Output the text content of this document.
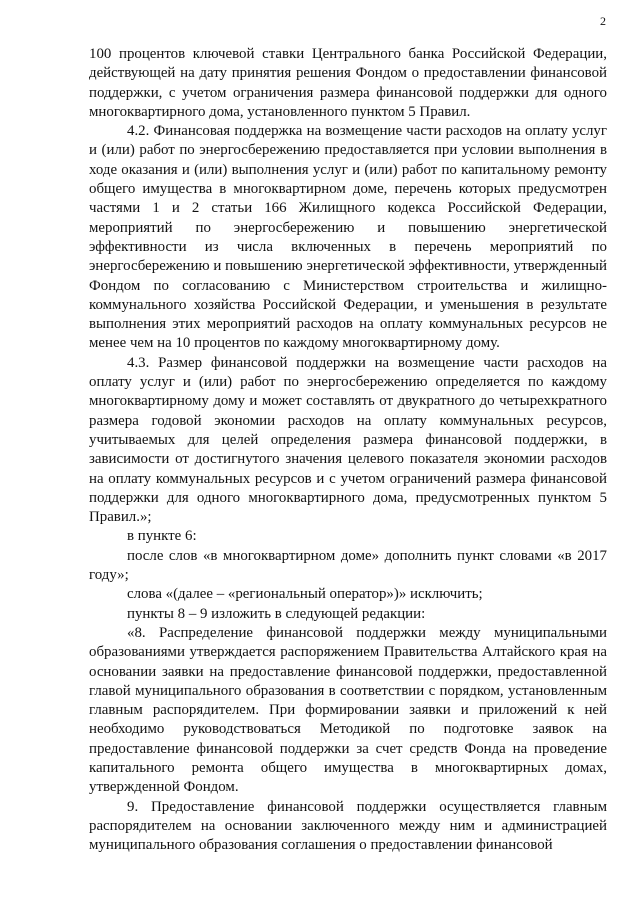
2

100 процентов ключевой ставки Центрального банка Российской Федерации, действующей на дату принятия решения Фондом о предоставлении финансовой поддержки, с учетом ограничения размера финансовой поддержки для одного многоквартирного дома, установленного пунктом 5 Правил.

4.2. Финансовая поддержка на возмещение части расходов на оплату услуг и (или) работ по энергосбережению предоставляется при условии выполнения в ходе оказания и (или) выполнения услуг и (или) работ по капитальному ремонту общего имущества в многоквартирном доме, перечень которых предусмотрен частями 1 и 2 статьи 166 Жилищного кодекса Российской Федерации, мероприятий по энергосбережению и повышению энергетической эффективности из числа включенных в перечень мероприятий по энергосбережению и повышению энергетической эффективности, утвержденный Фондом по согласованию с Министерством строительства и жилищно-коммунального хозяйства Российской Федерации, и уменьшения в результате выполнения этих мероприятий расходов на оплату коммунальных ресурсов не менее чем на 10 процентов по каждому многоквартирному дому.

4.3. Размер финансовой поддержки на возмещение части расходов на оплату услуг и (или) работ по энергосбережению определяется по каждому многоквартирному дому и может составлять от двукратного до четырехкратного размера годовой экономии расходов на оплату коммунальных ресурсов, учитываемых для целей определения размера финансовой поддержки, в зависимости от достигнутого значения целевого показателя экономии расходов на оплату коммунальных ресурсов и с учетом ограничений размера финансовой поддержки для одного многоквартирного дома, предусмотренных пунктом 5 Правил.»;

в пункте 6:

после слов «в многоквартирном доме» дополнить пункт словами «в 2017 году»;

слова «(далее – «региональный оператор»)» исключить;

пункты 8 – 9 изложить в следующей редакции:

«8. Распределение финансовой поддержки между муниципальными образованиями утверждается распоряжением Правительства Алтайского края на основании заявки на предоставление финансовой поддержки, предоставленной главой муниципального образования в соответствии с порядком, установленным главным распорядителем. При формировании заявки и приложений к ней необходимо руководствоваться Методикой по подготовке заявок на предоставление финансовой поддержки за счет средств Фонда на проведение капитального ремонта общего имущества в многоквартирных домах, утвержденной Фондом.

9. Предоставление финансовой поддержки осуществляется главным распорядителем на основании заключенного между ним и администрацией муниципального образования соглашения о предоставлении финансовой
